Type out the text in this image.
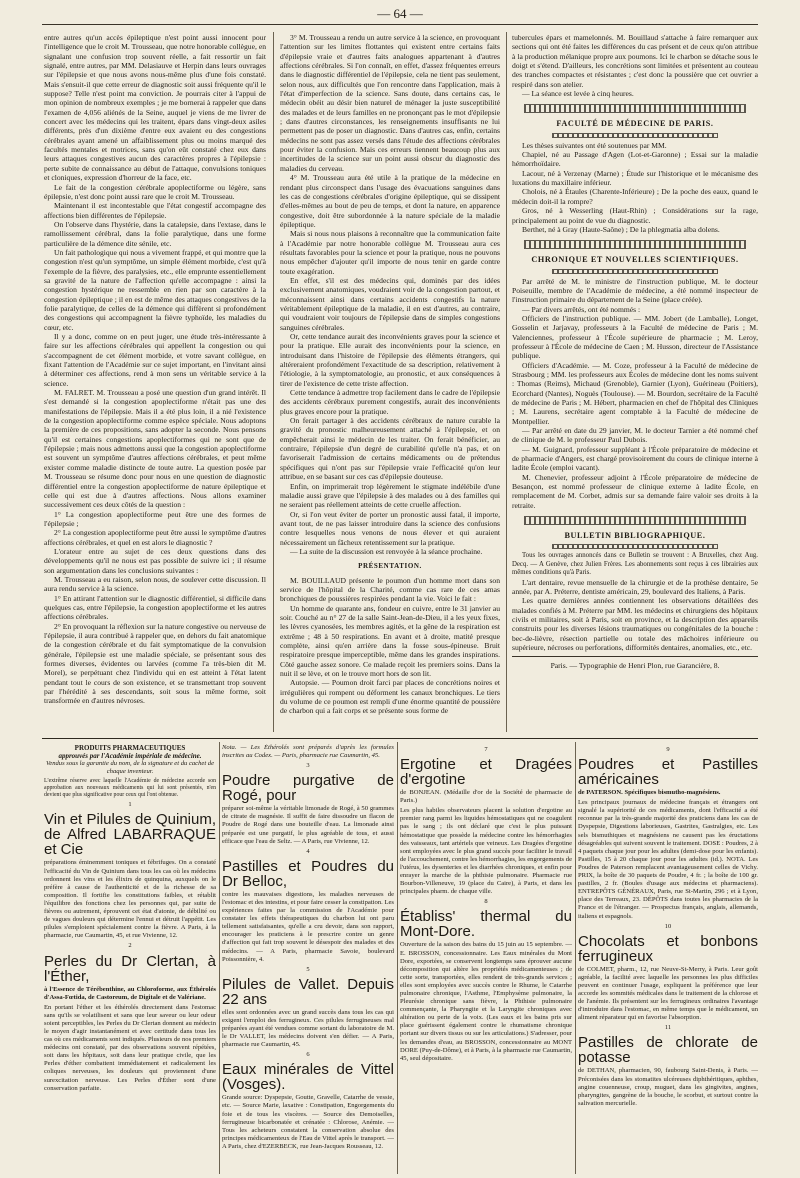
— 64 —

entre autres qu'un accès épileptique n'est point aussi innocent pour l'intelligence que le croit M. Trousseau, que notre honorable collègue, en signalant une confusion trop souvent réelle, a fait ressortir un fait signalé, entre autres, par MM. Delasiauve et Herpin dans leurs ouvrages sur l'épilepsie et que nous avons nous-même plus d'une fois constaté. Mais s'ensuit-il que cette erreur de diagnostic soit aussi fréquente qu'il le suppose? Telle n'est point ma conviction. Je pourrais citer à l'appui de mon opinion de nombreux exemples ; je me bornerai à rappeler que dans l'examen de 4,056 aliénés de la Seine, auquel je viens de me livrer de concert avec les médecins qui les traitent, épars dans vingt-deux asiles différents, près d'un dixième d'entre eux avaient eu des congestions cérébrales ayant amené un affaiblissement plus ou moins marqué des facultés mentales et motrices, sans qu'on eût constaté chez eux dans leurs attaques congestives aucun des caractères propres à l'épilepsie : perte subite de connaissance au début de l'attaque, convulsions toniques et cloniques, expression d'horreur de la face, etc.

Le fait de la congestion cérébrale apoplectiforme ou légère, sans épilepsie, n'est donc point aussi rare que le croit M. Trousseau.

Maintenant il est incontestable que l'état congestif accompagne des affections bien différentes de l'épilepsie.

On l'observe dans l'hystérie, dans la catalepsie, dans l'extase, dans le ramollissement cérébral, dans la folie paralytique, dans une forme particulière de la démence dite sénile, etc.

Un fait pathologique qui nous a vivement frappé, et qui montre que la congestion n'est qu'un symptôme, un simple élément morbide, c'est qu'à l'exemple de la fièvre, des paralysies, etc., elle emprunte essentiellement sa gravité de la nature de l'affection qu'elle accompagne : ainsi la congestion hystérique ne ressemble en rien par son caractère à la congestion épileptique ; il en est de même des attaques congestives de la folie paralytique, de celles de la démence qui diffèrent si profondément des congestions qui accompagnent la fièvre typhoïde, les maladies du cœur, etc.

Il y a donc, comme on en peut juger, une étude très-intéressante à faire sur les affections cérébrales qui appellent la congestion ou qui s'accompagnent de cet élément morbide, et votre savant collègue, en fixant l'attention de l'Académie sur ce sujet important, en l'invitant ainsi à déterminer ces affections, rend à mon sens un véritable service à la science.

M. FALRET. M. Trousseau a posé une question d'un grand intérêt. Il s'est demandé si la congestion apoplectiforme n'était pas une des manifestations de l'épilepsie. Mais il a été plus loin, il a nié l'existence de la congestion apoplectiforme comme espèce spéciale. Nous adoptons la première de ces propositions, sans adopter la seconde. Nous pensons qu'il est certaines congestions apoplectiformes qui ne sont que de l'épilepsie ; mais nous admettons aussi que la congestion apoplectiforme est souvent un symptôme d'autres affections cérébrales, et peut même exister comme maladie distincte de toute autre. La question posée par M. Trousseau se résume donc pour nous en une question de diagnostic différentiel entre la congestion apoplectiforme de nature épileptique et celle qui est due à d'autres affections. Nous allons examiner successivement ces deux côtés de la question :

1° La congestion apoplectiforme peut être une des formes de l'épilepsie ;

2° La congestion apoplectiforme peut être aussi le symptôme d'autres affections cérébrales, et quel en est alors le diagnostic ?

L'orateur entre au sujet de ces deux questions dans des développements qu'il ne nous est pas possible de suivre ici ; il résume son argumentation dans les conclusions suivantes :

M. Trousseau a eu raison, selon nous, de soulever cette discussion. Il aura rendu service à la science.

1° En attirant l'attention sur le diagnostic différentiel, si difficile dans quelques cas, entre l'épilepsie, la congestion apoplectiforme et les autres affections cérébrales.

2° En provoquant la réflexion sur la nature congestive ou nerveuse de l'épilepsie, il aura contribué à rappeler que, en dehors du fait anatomique de la congestion cérébrale et du fait symptomatique de la convulsion générale, l'épilepsie est une maladie spéciale, se présentant sous des formes diverses, évidentes ou larvées (comme l'a très-bien dit M. Morel), se perpétuant chez l'individu qui en est atteint à l'état latent pendant tout le cours de son existence, et se transmettant trop souvent par l'hérédité à ses descendants, soit sous la même forme, soit transformée en d'autres névroses.

3° M. Trousseau a rendu un autre service à la science, en provoquant l'attention sur les limites flottantes qui existent entre certains faits d'épilepsie vraie et d'autres faits analogues appartenant à d'autres affections cérébrales. Si l'on connaît, en effet, d'assez fréquentes erreurs dans le diagnostic différentiel de l'épilepsie, cela ne tient pas seulement, selon nous, aux difficultés que l'on rencontre dans l'application, mais à l'état d'imperfection de la science. Sans doute, dans certains cas, le médecin obéit au désir bien naturel de ménager la juste susceptibilité des malades et de leurs familles en ne prononçant pas le mot d'épilepsie ; dans d'autres circonstances, les renseignements insuffisants ne lui permettent pas de poser un diagnostic. Dans d'autres cas, enfin, certains médecins ne sont pas assez versés dans l'étude des affections cérébrales pour éviter la confusion. Mais ces erreurs tiennent beaucoup plus aux incertitudes de la science sur un point aussi obscur du diagnostic des maladies du cerveau.

4° M. Trousseau aura été utile à la pratique de la médecine en rendant plus circonspect dans l'usage des évacuations sanguines dans les cas de congestions cérébrales d'origine épileptique, qui se dissipent d'elles-mêmes au bout de peu de temps, et dont la nature, en apparence congestive, doit être subordonnée à la nature spéciale de la maladie épileptique.

Mais si nous nous plaisons à reconnaître que la communication faite à l'Académie par notre honorable collègue M. Trousseau aura ces résultats favorables pour la science et pour la pratique, nous ne pouvons nous empêcher d'ajouter qu'il importe de nous tenir en garde contre toute exagération.

En effet, s'il est des médecins qui, dominés par des idées exclusivement anatomiques, voudraient voir de la congestion partout, et méconnaissent ainsi dans certains accidents congestifs la nature véritablement épileptique de la maladie, il en est d'autres, au contraire, qui voudraient voir toujours de l'épilepsie dans de simples congestions sanguines cérébrales.

Or, cette tendance aurait des inconvénients graves pour la science et pour la pratique. Elle aurait des inconvénients pour la science, en introduisant dans l'histoire de l'épilepsie des éléments étrangers, qui altéreraient profondément l'exactitude de sa description, relativement à l'étiologie, à la symptomatologie, au pronostic, et aux conséquences à tirer de l'existence de cette triste affection.

Cette tendance à admettre trop facilement dans le cadre de l'épilepsie des accidents cérébraux purement congestifs, aurait des inconvénients plus graves encore pour la pratique.

On ferait partager à des accidents cérébraux de nature curable la gravité du pronostic malheureusement attaché à l'épilepsie, et on empêcherait ainsi le médecin de les traiter. On ferait bénéficier, au contraire, l'épilepsie d'un degré de curabilité qu'elle n'a pas, et on favoriserait l'admission de certains médicaments ou de prétendus spécifiques qui n'ont pas sur l'épilepsie vraie l'efficacité qu'on leur attribue, en se basant sur ces cas d'épilepsie douteuse.

Enfin, on imprimerait trop légèrement le stigmate indélébile d'une maladie aussi grave que l'épilepsie à des malades ou à des familles qui ne seraient pas réellement atteints de cette cruelle affection.

Or, si l'on veut éviter de porter un pronostic aussi fatal, il importe, avant tout, de ne pas laisser introduire dans la science des confusions contre lesquelles nous venons de nous élever et qui auraient nécessairement un fâcheux retentissement sur la pratique.

— La suite de la discussion est renvoyée à la séance prochaine.

PRÉSENTATION.

M. BOUILLAUD présente le poumon d'un homme mort dans son service de l'hôpital de la Charité, comme cas rare de ces amas bronchiques de poussières respirées pendant la vie. Voici le fait :

Un homme de quarante ans, fondeur en cuivre, entre le 31 janvier au soir. Couché au n° 27 de la salle Saint-Jean-de-Dieu, il a les yeux fixes, les lèvres cyanosées, les membres agités, et la gêne de la respiration est extrême ; 48 à 50 respirations. En avant et à droite, matité presque complète, ainsi qu'en arrière dans la fosse sous-épineuse. Bruit respiratoire presque imperceptible, même dans les grandes inspirations. Côté gauche assez sonore. Ce malade reçoit les premiers soins. Dans la nuit il se lève, et on le trouve mort hors de son lit.

Autopsie. — Poumon droit farci par places de concrétions noires et irrégulières qui rompent ou déforment les canaux bronchiques. Le tiers du volume de ce poumon est rempli d'une énorme quantité de poussière de charbon qui a fait corps et se présente sous forme de

tubercules épars et mamelonnés. M. Bouillaud s'attache à faire remarquer aux sections qui ont été faites les différences du cas présent et de ceux qu'on attribue à la production mélanique propre aux poumons. Ici le charbon se détache sous le doigt et s'étend. D'ailleurs, les concrétions sont limitées et présentent au couteau des tranches compactes et résistantes ; c'est donc la poussière que cet ouvrier a respiré dans son atelier.

— La séance est levée à cinq heures.

FACULTÉ DE MÉDECINE DE PARIS.

Les thèses suivantes ont été soutenues par MM.

Chapiel, né au Passage d'Agen (Lot-et-Garonne) ; Essai sur la maladie hémorrhoïdaire.

Lacour, né à Verzenay (Marne) ; Étude sur l'historique et le mécanisme des luxations du maxillaire inférieur.

Cholois, né à Étaules (Charente-Inférieure) ; De la poche des eaux, quand le médecin doit-il la rompre?

Gros, né à Wesserling (Haut-Rhin) ; Considérations sur la rage, principalement au point de vue du diagnostic.

Berthet, né à Gray (Haute-Saône) ; De la phlegmatia alba dolens.

CHRONIQUE ET NOUVELLES SCIENTIFIQUES.

Par arrêté de M. le ministre de l'instruction publique, M. le docteur Poiseuille, membre de l'Académie de médecine, a été nommé inspecteur de l'instruction primaire du département de la Seine (place créée).

— Par divers arrêtés, ont été nommés :

Officiers de l'instruction publique. — MM. Jobert (de Lamballe), Longet, Gosselin et Jarjavay, professeurs à la Faculté de médecine de Paris ; M. Valenciennes, professeur à l'École supérieure de pharmacie ; M. Leroy, professeur à l'École de médecine de Caen ; M. Husson, directeur de l'Assistance publique.

Officiers d'Académie. — M. Coze, professeur à la Faculté de médecine de Strasbourg ; MM. les professeurs aux Écoles de médecine dont les noms suivent : Thomas (Reims), Michaud (Grenoble), Garnier (Lyon), Guérineau (Poitiers), Ecorchard (Nantes), Noguès (Toulouse). — M. Bourdon, secrétaire de la Faculté de médecine de Paris ; M. Hébert, pharmacien en chef de l'hôpital des Cliniques ; M. Laurens, secrétaire agent comptable à la Faculté de médecine de Montpellier.

— Par arrêté en date du 29 janvier, M. le docteur Tarnier a été nommé chef de clinique de M. le professeur Paul Dubois.

— M. Guignard, professeur suppléant à l'École préparatoire de médecine et de pharmacie d'Angers, est chargé provisoirement du cours de clinique interne à ladite École (emploi vacant).

M. Chenevier, professeur adjoint à l'École préparatoire de médecine de Besançon, est nommé professeur de clinique externe à ladite École, en remplacement de M. Corbet, admis sur sa demande faire valoir ses droits à la retraite.

BULLETIN BIBLIOGRAPHIQUE.

Tous les ouvrages annoncés dans ce Bulletin se trouvent : A Bruxelles, chez Aug. Decq. — A Genève, chez Julien Frères. Les abonnements sont reçus à ces librairies aux mêmes conditions qu'à Paris.

L'art dentaire, revue mensuelle de la chirurgie et de la prothèse dentaire, 5e année, par A. Préterre, dentiste américain, 29, boulevard des Italiens, à Paris.

Les quatre dernières années contiennent les observations détaillées des malades confiés à M. Préterre par MM. les médecins et chirurgiens des hôpitaux civils et militaires, soit à Paris, soit en province, et la description des appareils construits pour les diverses lésions traumatiques ou congénitales de la bouche : bec-de-lièvre, résection partielle ou totale des mâchoires inférieure ou supérieure, nécroses ou perforations, difformités dentaires, anomalies, etc., etc.

Paris. — Typographie de Henri Plon, rue Garancière, 8.
PRODUITS PHARMACEUTIQUES
approuvés par l'Académie impériale de médecine.

Vendus sous la garantie du nom, de la signature et du cachet de chaque inventeur.

L'extrême réserve avec laquelle l'Académie de médecine accorde son approbation aux nouveaux médicaments qui lui sont présentés, n'en devient que plus significative pour ceux qui l'ont obtenue.

1
Vin et Pilules de Quinium, de Alfred LABARRAQUE et Cie

préparations éminemment toniques et fébrifuges. On a constaté l'efficacité du Vin de Quinium dans tous les cas où les médecins ordonnent les vins et les élixirs de quinquina, auxquels on le préfère à cause de l'authenticité et de la richesse de sa composition. Il fortifie les constitutions faibles, et rétablit l'équilibre des fonctions chez les personnes qui, par suite de fièvres ou autrement, éprouvent cet état d'atonie, de débilité ou de vagues douleurs qui détermine l'ennui et détruit l'appétit. Les pilules s'emploient spécialement contre la fièvre. A Paris, à la pharmacie, rue Caumartin, 45, et rue Vivienne, 12.

2
Perles du Dr Clertan, à l'Éther,

à l'Essence de Térébenthine, au Chloroforme, aux Éthérolés d'Assa-Fœtida, de Castoreum, de Digitale et de Valériane.

En portant l'éther et les éthérolés directement dans l'estomac sans qu'ils se volatilisent et sans que leur saveur ou leur odeur soient perceptibles, les Perles du Dr Clertan donnent au médecin le moyen d'agir instantanément et avec certitude dans tous les cas où ces médicaments sont indiqués. Plusieurs de nos premiers médecins ont constaté, par des observations souvent répétées, soit dans les hôpitaux, soit dans leur pratique civile, que les Perles d'éther combattent immédiatement et radicalement les coliques nerveuses, les douleurs qui proviennent d'une surexcitation nerveuse. Les Perles d'Éther sont d'une conservation parfaite.

Nota. — Les Éthérolés sont préparés d'après les formules inscrites au Codex. — Paris, pharmacie rue Caumartin, 45.

3
Poudre purgative de Rogé, pour

préparer soi-même la véritable limonade de Rogé, à 50 grammes de citrate de magnésie. Il suffit de faire dissoudre un flacon de Poudre de Rogé dans une bouteille d'eau. La limonade ainsi préparée est une purgatif, le plus agréable de tous, et aussi efficace que l'eau de Seltz. — A Paris, rue Vivienne, 12.

4
Pastilles et Poudres du Dr Belloc,

contre les mauvaises digestions, les maladies nerveuses de l'estomac et des intestins, et pour faire cesser la constipation. Les expériences faites par la commission de l'Académie pour constater les effets thérapeutiques du charbon lui ont paru tellement satisfaisantes, qu'elle a cru devoir, dans son rapport, encourager les praticiens à le prescrire contre un genre d'affection qui fait trop souvent le désespoir des malades et des médecins. — A Paris, pharmacie Savoie, boulevard Poissonnière, 4.

5
Pilules de Vallet. Depuis 22 ans

elles sont ordonnées avec un grand succès dans tous les cas qui exigent l'emploi des ferrugineux. Ces pilules ferrugineuses mal préparées ayant été vendues comme sortant du laboratoire de M. le Dr VALLET, les médecins doivent s'en défier. — A Paris, pharmacie rue Caumartin, 45.

6
Eaux minérales de Vittel (Vosges).

Grande source: Dyspepsie, Goutte, Gravelle, Catarrhe de vessie, etc. — Source Marie, laxative : Constipation, Engorgements du foie et de tous les viscères. — Source des Demoiselles, ferrugineuse bicarbonatée et crénatée : Chlorose, Anémie. — Tous les acheteurs constatent la conservation absolue des principes médicamenteux de l'Eau de Vittel après le transport. — A Paris, chez d'EZERBECK, rue Jean-Jacques Rousseau, 12.

7
Ergotine et Dragées d'ergotine

de BONJEAN. (Médaille d'or de la Société de pharmacie de Paris.)

Les plus habiles observateurs placent la solution d'ergotine au premier rang parmi les liquides hémostatiques qui ne coagulent pas le sang ; ils ont déclaré que c'est le plus puissant hémostatique que possède la médecine contre les hémorrhagies des vaisseaux, tant artériels que veineux. Les Dragées d'ergotine sont employées avec le plus grand succès pour faciliter le travail de l'accouchement, contre les hémorrhagies, les engorgements de l'utérus, les dysenteries et les diarrhées chroniques, et enfin pour enrayer la marche de la phthisie pulmonaire. Pharmacie rue Bourbon-Villeneuve, 19 (place du Caire), à Paris, et dans les principales pharm. de chaque ville.

8
Établiss' thermal du Mont-Dore.

Ouverture de la saison des bains du 15 juin au 15 septembre. — E. BROSSON, concessionnaire. Les Eaux minérales du Mont Dore, exportées, se conservent longtemps sans éprouver aucune décomposition qui altère les propriétés médicamenteuses ; de cette sorte, transportées, elles rendent de très-grands services ; elles sont employées avec succès contre le Rhume, le Catarrhe pulmonaire chronique, l'Asthme, l'Emphysème pulmonaire, la Pleurésie chronique sans fièvre, la Phthisie pulmonaire commençante, la Pharyngite et la Laryngite chroniques avec altération ou perte de la voix. (Les eaux et les bains pris sur place guérissent également contre le rhumatisme chronique portant sur divers tissus ou sur les articulations.) S'adresser, pour les demandes d'eau, au BROSSON, concessionnaire au MONT DORE (Puy-de-Dôme), et à Paris, à la pharmacie rue Caumartin, 45, seul dépositaire.

9
Poudres et Pastilles américaines

de PATERSON. Spécifiques bismutho-magnésiens.

Les principaux journaux de médecine français et étrangers ont signalé la supériorité de ces médicaments, dont l'efficacité a été reconnue par la très-grande majorité des praticiens dans les cas de Dyspepsie, Digestions laborieuses, Gastrites, Gastralgies, etc. Les sels bismuthiques et magnésiens ne causent pas les éructations désagréables qui suivent souvent le traitement. DOSE : Poudres, 2 à 4 paquets chaque jour pour les adultes (demi-dose pour les enfants). Pastilles, 15 à 20 chaque jour pour les adultes (id.). NOTA. Les Poudres de Paterson remplacent avantageusement celles de Vichy. PRIX, la boîte de 30 paquets de Poudre, 4 fr. ; la boîte de 100 gr. pastilles, 2 fr. (Boules d'usage aux médecins et pharmaciens). ENTREPÔTS GÉNÉRAUX, Paris, rue St-Martin, 296 ; et à Lyon, place des Terreaux, 23. DÉPÔTS dans toutes les pharmacies de la France et de l'étranger. — Prospectus français, anglais, allemands, italiens et espagnols.

10
Chocolats et bonbons ferrugineux

de COLMET, pharm., 12, rue Neuve-St-Merry, à Paris. Leur goût agréable, la facilité avec laquelle les personnes les plus difficiles peuvent en continuer l'usage, expliquent la préférence que leur accorde les sommités médicales dans le traitement de la chlorose et de l'anémie. Ils présentent sur les ferrugineux ordinaires l'avantage d'introduire dans l'estomac, en même temps que le médicament, un aliment réparateur qui en favorise l'absorption.

11
Pastilles de chlorate de potasse

de DETHAN, pharmacien, 90, faubourg Saint-Denis, à Paris. — Préconisées dans les stomatites ulcéreuses diphthéritiques, aphthes, angine couenneuse, croup, muguet, dans les gingivites, angines, pharyngites, gangrène de la bouche, le scorbut, et surtout contre la salivation mercurielle.
